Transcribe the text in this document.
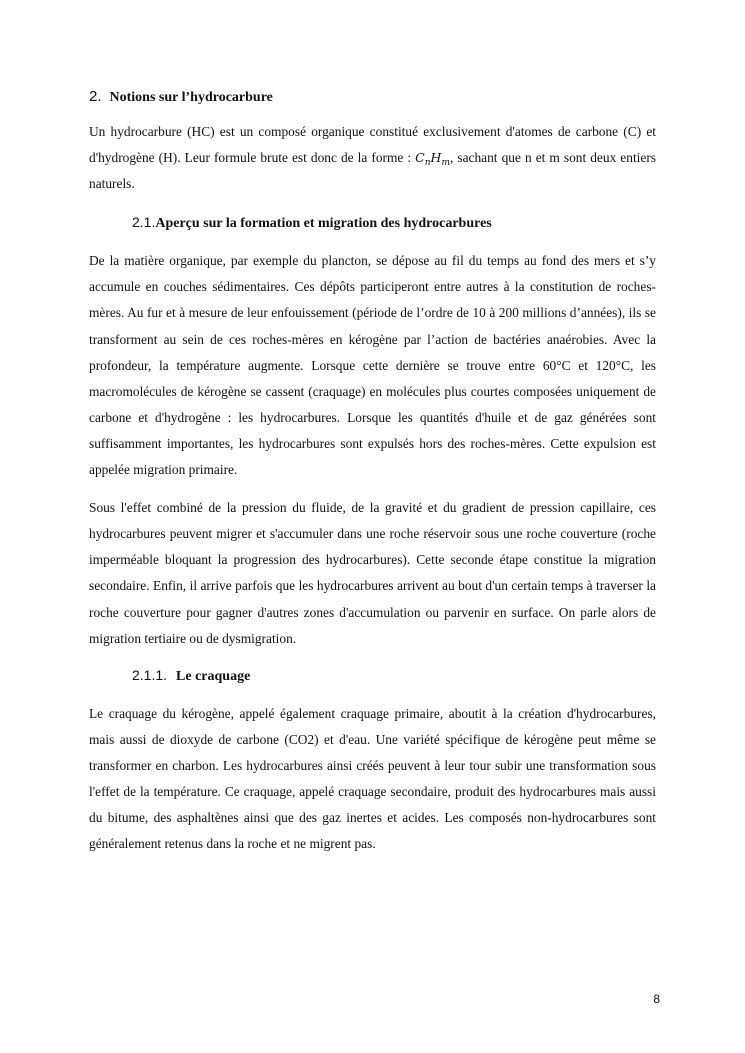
2. Notions sur l’hydrocarbure

Un hydrocarbure (HC) est un composé organique constitué exclusivement d'atomes de carbone (C) et d'hydrogène (H). Leur formule brute est donc de la forme : $C_nH_m$, sachant que n et m sont deux entiers naturels.

2.1.Aperçu sur la formation et migration des hydrocarbures

De la matière organique, par exemple du plancton, se dépose au fil du temps au fond des mers et s’y accumule en couches sédimentaires. Ces dépôts participeront entre autres à la constitution de roches-mères. Au fur et à mesure de leur enfouissement (période de l’ordre de 10 à 200 millions d’années), ils se transforment au sein de ces roches-mères en kérogène par l’action de bactéries anaérobies. Avec la profondeur, la température augmente. Lorsque cette dernière se trouve entre 60°C et 120°C, les macromolécules de kérogène se cassent (craquage) en molécules plus courtes composées uniquement de carbone et d'hydrogène : les hydrocarbures. Lorsque les quantités d'huile et de gaz générées sont suffisamment importantes, les hydrocarbures sont expulsés hors des roches-mères. Cette expulsion est appelée migration primaire.

Sous l'effet combiné de la pression du fluide, de la gravité et du gradient de pression capillaire, ces hydrocarbures peuvent migrer et s'accumuler dans une roche réservoir sous une roche couverture (roche imperméable bloquant la progression des hydrocarbures). Cette seconde étape constitue la migration secondaire. Enfin, il arrive parfois que les hydrocarbures arrivent au bout d'un certain temps à traverser la roche couverture pour gagner d'autres zones d'accumulation ou parvenir en surface. On parle alors de migration tertiaire ou de dysmigration.

2.1.1. Le craquage

Le craquage du kérogène, appelé également craquage primaire, aboutit à la création d'hydrocarbures, mais aussi de dioxyde de carbone (CO2) et d'eau. Une variété spécifique de kérogène peut même se transformer en charbon. Les hydrocarbures ainsi créés peuvent à leur tour subir une transformation sous l'effet de la température. Ce craquage, appelé craquage secondaire, produit des hydrocarbures mais aussi du bitume, des asphaltènes ainsi que des gaz inertes et acides. Les composés non-hydrocarbures sont généralement retenus dans la roche et ne migrent pas.

8
